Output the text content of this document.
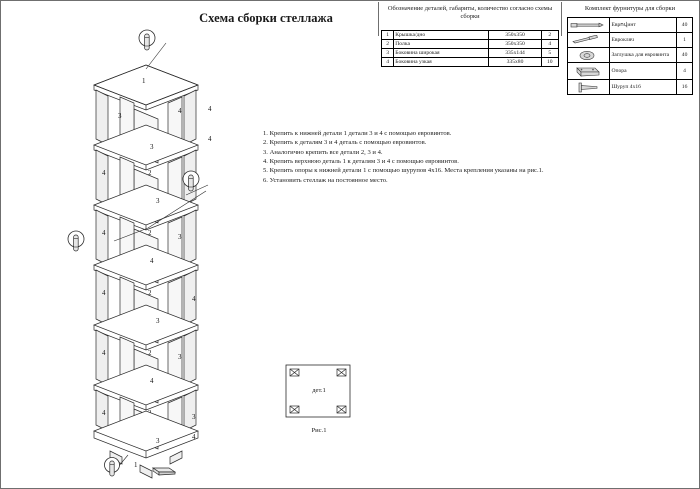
Схема сборки стеллажа
Обозначение деталей, габариты, количество согласно схемы сборки
1	Крышка/дно	350х350	2
2	Полка	350х350	4
3	Боковина широкая	335х144	5
4	Боковина узкая	335х80	10
Комплект фурнитуры для сборки
	Еврովинт	40

	Еврокляч	1

	Заглушка для евровинта	40

	Опора	4

	Шуруп 4х16	16
1. Крепить к нижней детали 1 детали 3 и 4 с помощью евровинтов.
2. Крепить к деталям 3 и 4 деталь с помощью евровинтов.
3. Аналогично крепить все детали 2, 3 и 4.
4. Крепить верхнюю деталь 1 к деталям 3 и 4 с помощью евровинтов.
5. Крепить опоры к нижней детали 1 с помощью шурупов 4х16. Места крепления указаны на рис.1.
6. Установить стеллаж на постоянное место.
дет.1
Рис.1
1
3
4	4
3
4
2
4
3
2
4	3
4
2
4
4
3
2
4	3
4
4	3
3	4
1
